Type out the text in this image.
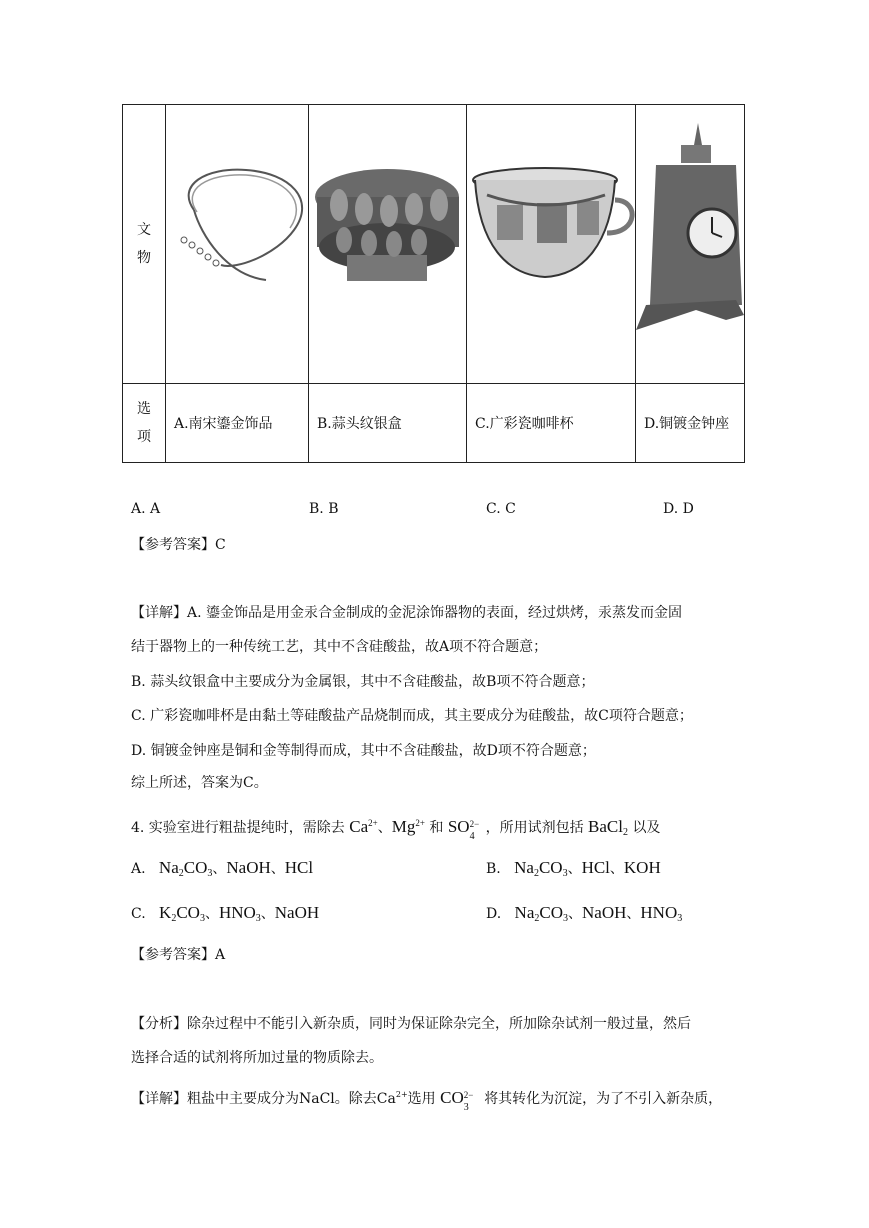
文
物

选
项	A.南宋鎏金饰品	B.蒜头纹银盒	C.广彩瓷咖啡杯	D.铜镀金钟座
A. A	B. B	C. C	D. D
【参考答案】C
【详解】A. 鎏金饰品是用金汞合金制成的金泥涂饰器物的表面，经过烘烤，汞蒸发而金固
结于器物上的一种传统工艺，其中不含硅酸盐，故A项不符合题意；
B. 蒜头纹银盒中主要成分为金属银，其中不含硅酸盐，故B项不符合题意；
C. 广彩瓷咖啡杯是由黏土等硅酸盐产品烧制而成，其主要成分为硅酸盐，故C项符合题意；
D. 铜镀金钟座是铜和金等制得而成，其中不含硅酸盐，故D项不符合题意；
综上所述，答案为C。
4. 实验室进行粗盐提纯时，需除去 $Ca^{2+}$、$Mg^{2+}$ 和 SO 2−
4
，所用试剂包括 BaCl$_2$ 以及
A. $Na_2CO_3$、NaOH、HCl	B. $Na_2CO_3$、HCl、KOH
C. $K_2CO_3$、$HNO_3$、NaOH	D. $Na_2CO_3$、NaOH、$HNO_3$
【参考答案】A
【分析】除杂过程中不能引入新杂质，同时为保证除杂完全，所加除杂试剂一般过量，然后
选择合适的试剂将所加过量的物质除去。
【详解】粗盐中主要成分为NaCl。除去$Ca^{2+}$选用 CO 2−
3
将其转化为沉淀，为了不引入新杂质，
